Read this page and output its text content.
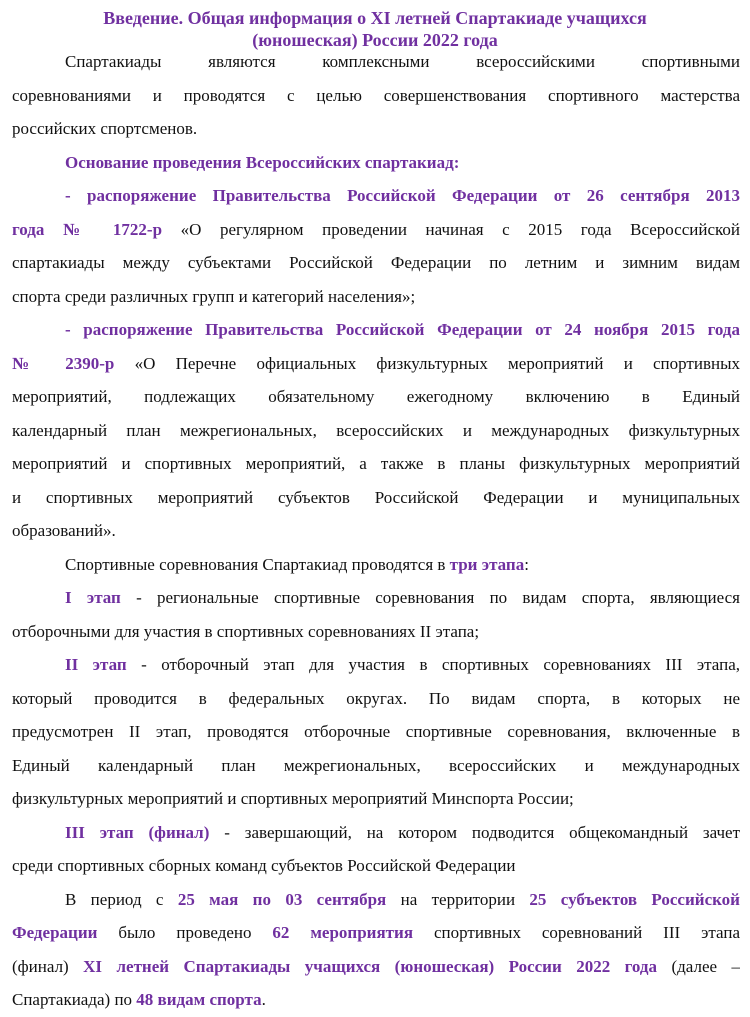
Введение. Общая информация о XI летней Спартакиаде учащихся
(юношеская) России 2022 года
Спартакиады являются комплексными всероссийскими спортивными
соревнованиями и проводятся с целью совершенствования спортивного мастерства
российских спортсменов.
Основание проведения Всероссийских спартакиад:
- распоряжение Правительства Российской Федерации от 26 сентября 2013
года № 1722-р «О регулярном проведении начиная с 2015 года Всероссийской
спартакиады между субъектами Российской Федерации по летним и зимним видам
спорта среди различных групп и категорий населения»;
- распоряжение Правительства Российской Федерации от 24 ноября 2015 года
№ 2390-р «О Перечне официальных физкультурных мероприятий и спортивных
мероприятий, подлежащих обязательному ежегодному включению в Единый
календарный план межрегиональных, всероссийских и международных физкультурных
мероприятий и спортивных мероприятий, а также в планы физкультурных мероприятий
и спортивных мероприятий субъектов Российской Федерации и муниципальных
образований».
Спортивные соревнования Спартакиад проводятся в три этапа:
I этап - региональные спортивные соревнования по видам спорта, являющиеся
отборочными для участия в спортивных соревнованиях II этапа;
II этап - отборочный этап для участия в спортивных соревнованиях III этапа,
который проводится в федеральных округах. По видам спорта, в которых не
предусмотрен II этап, проводятся отборочные спортивные соревнования, включенные в
Единый календарный план межрегиональных, всероссийских и международных
физкультурных мероприятий и спортивных мероприятий Минспорта России;
III этап (финал) - завершающий, на котором подводится общекомандный зачет
среди спортивных сборных команд субъектов Российской Федерации
В период с 25 мая по 03 сентября на территории 25 субъектов Российской
Федерации было проведено 62 мероприятия спортивных соревнований III этапа
(финал) XI летней Спартакиады учащихся (юношеская) России 2022 года (далее –
Спартакиада) по 48 видам спорта.
